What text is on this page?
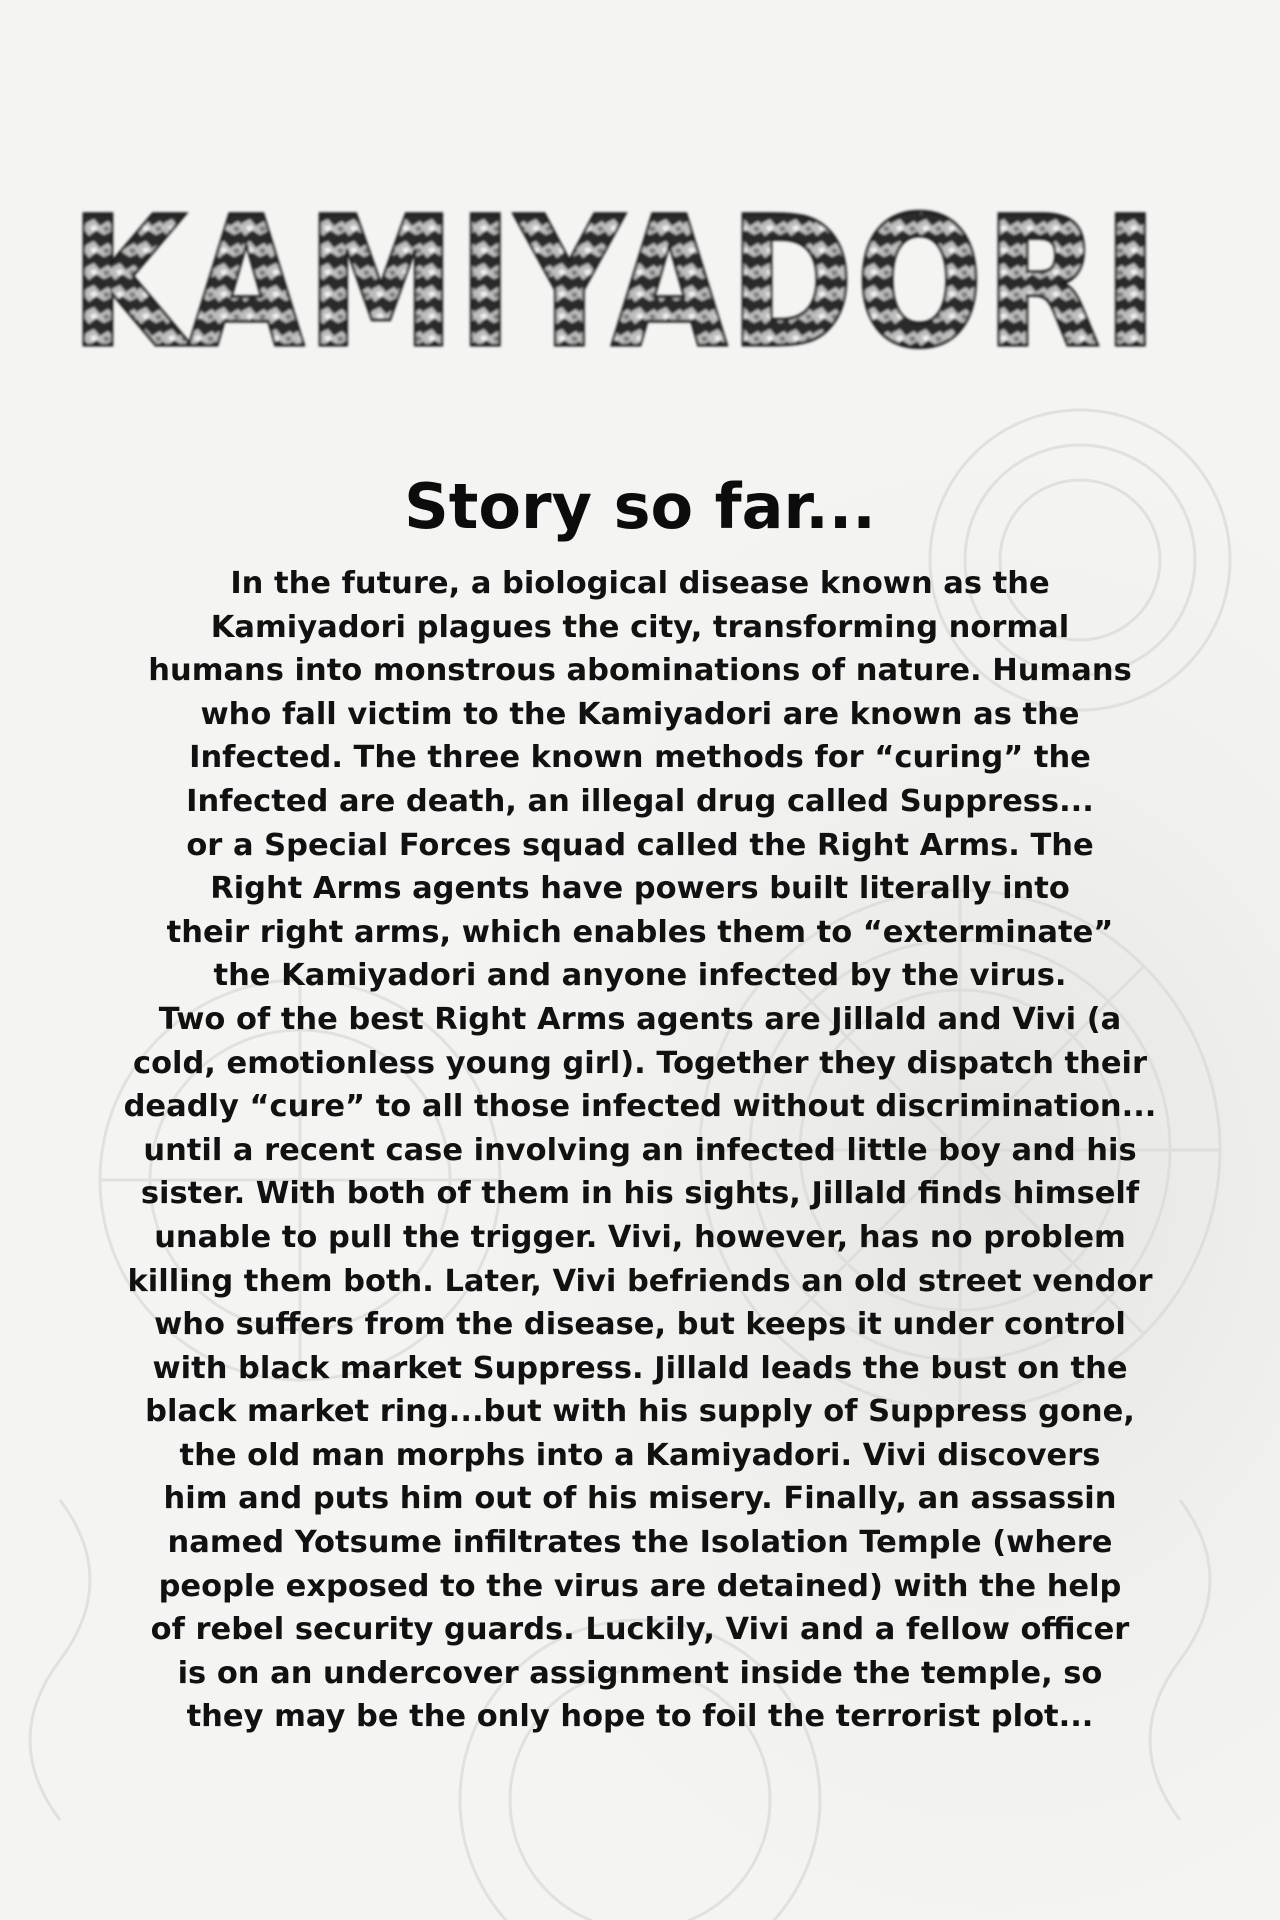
KAMIYADORI
Story so far...
In the future, a biological disease known as the
Kamiyadori plagues the city, transforming normal
humans into monstrous abominations of nature. Humans
who fall victim to the Kamiyadori are known as the
Infected. The three known methods for “curing” the
Infected are death, an illegal drug called Suppress...
or a Special Forces squad called the Right Arms. The
Right Arms agents have powers built literally into
their right arms, which enables them to “exterminate”
the Kamiyadori and anyone infected by the virus.
Two of the best Right Arms agents are Jillald and Vivi (a
cold, emotionless young girl). Together they dispatch their
deadly “cure” to all those infected without discrimination...
until a recent case involving an infected little boy and his
sister. With both of them in his sights, Jillald finds himself
unable to pull the trigger. Vivi, however, has no problem
killing them both. Later, Vivi befriends an old street vendor
who suffers from the disease, but keeps it under control
with black market Suppress. Jillald leads the bust on the
black market ring...but with his supply of Suppress gone,
the old man morphs into a Kamiyadori. Vivi discovers
him and puts him out of his misery. Finally, an assassin
named Yotsume infiltrates the Isolation Temple (where
people exposed to the virus are detained) with the help
of rebel security guards. Luckily, Vivi and a fellow officer
is on an undercover assignment inside the temple, so
they may be the only hope to foil the terrorist plot...
